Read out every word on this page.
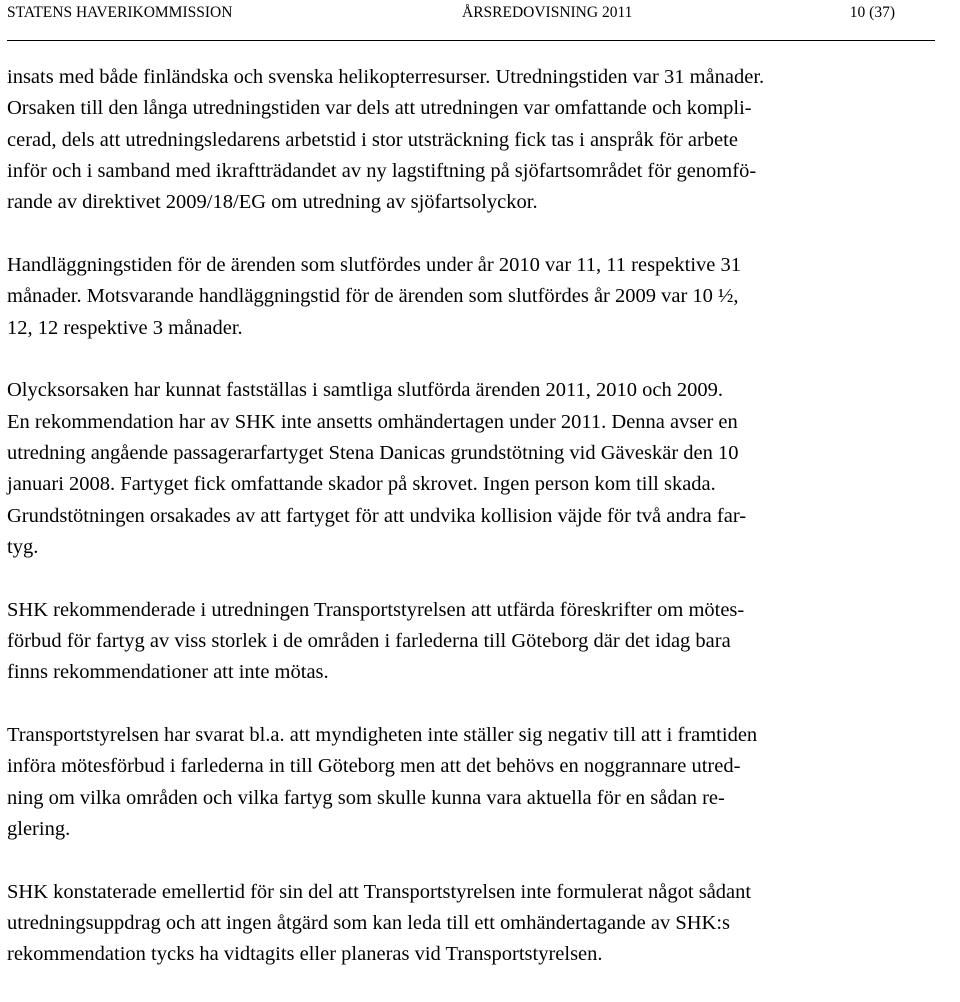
STATENS HAVERIKOMMISSION	ÅRSREDOVISNING 2011	10 (37)

insats med både finländska och svenska helikopterresurser. Utredningstiden var 31 månader.
Orsaken till den långa utredningstiden var dels att utredningen var omfattande och kompli-
cerad, dels att utredningsledarens arbetstid i stor utsträckning fick tas i anspråk för arbete
inför och i samband med ikraftträdandet av ny lagstiftning på sjöfartsområdet för genomfö-
rande av direktivet 2009/18/EG om utredning av sjöfartsolyckor.

Handläggningstiden för de ärenden som slutfördes under år 2010 var 11, 11 respektive 31
månader. Motsvarande handläggningstid för de ärenden som slutfördes år 2009 var 10 ½,
12, 12 respektive 3 månader.

Olycksorsaken har kunnat fastställas i samtliga slutförda ärenden 2011, 2010 och 2009.
En rekommendation har av SHK inte ansetts omhändertagen under 2011. Denna avser en
utredning angående passagerarfartyget Stena Danicas grundstötning vid Gäveskär den 10
januari 2008. Fartyget fick omfattande skador på skrovet. Ingen person kom till skada.
Grundstötningen orsakades av att fartyget för att undvika kollision väjde för två andra far-
tyg.

SHK rekommenderade i utredningen Transportstyrelsen att utfärda föreskrifter om mötes-
förbud för fartyg av viss storlek i de områden i farlederna till Göteborg där det idag bara
finns rekommendationer att inte mötas.

Transportstyrelsen har svarat bl.a. att myndigheten inte ställer sig negativ till att i framtiden
införa mötesförbud i farlederna in till Göteborg men att det behövs en noggrannare utred-
ning om vilka områden och vilka fartyg som skulle kunna vara aktuella för en sådan re-
glering.

SHK konstaterade emellertid för sin del att Transportstyrelsen inte formulerat något sådant
utredningsuppdrag och att ingen åtgärd som kan leda till ett omhändertagande av SHK:s
rekommendation tycks ha vidtagits eller planeras vid Transportstyrelsen.
